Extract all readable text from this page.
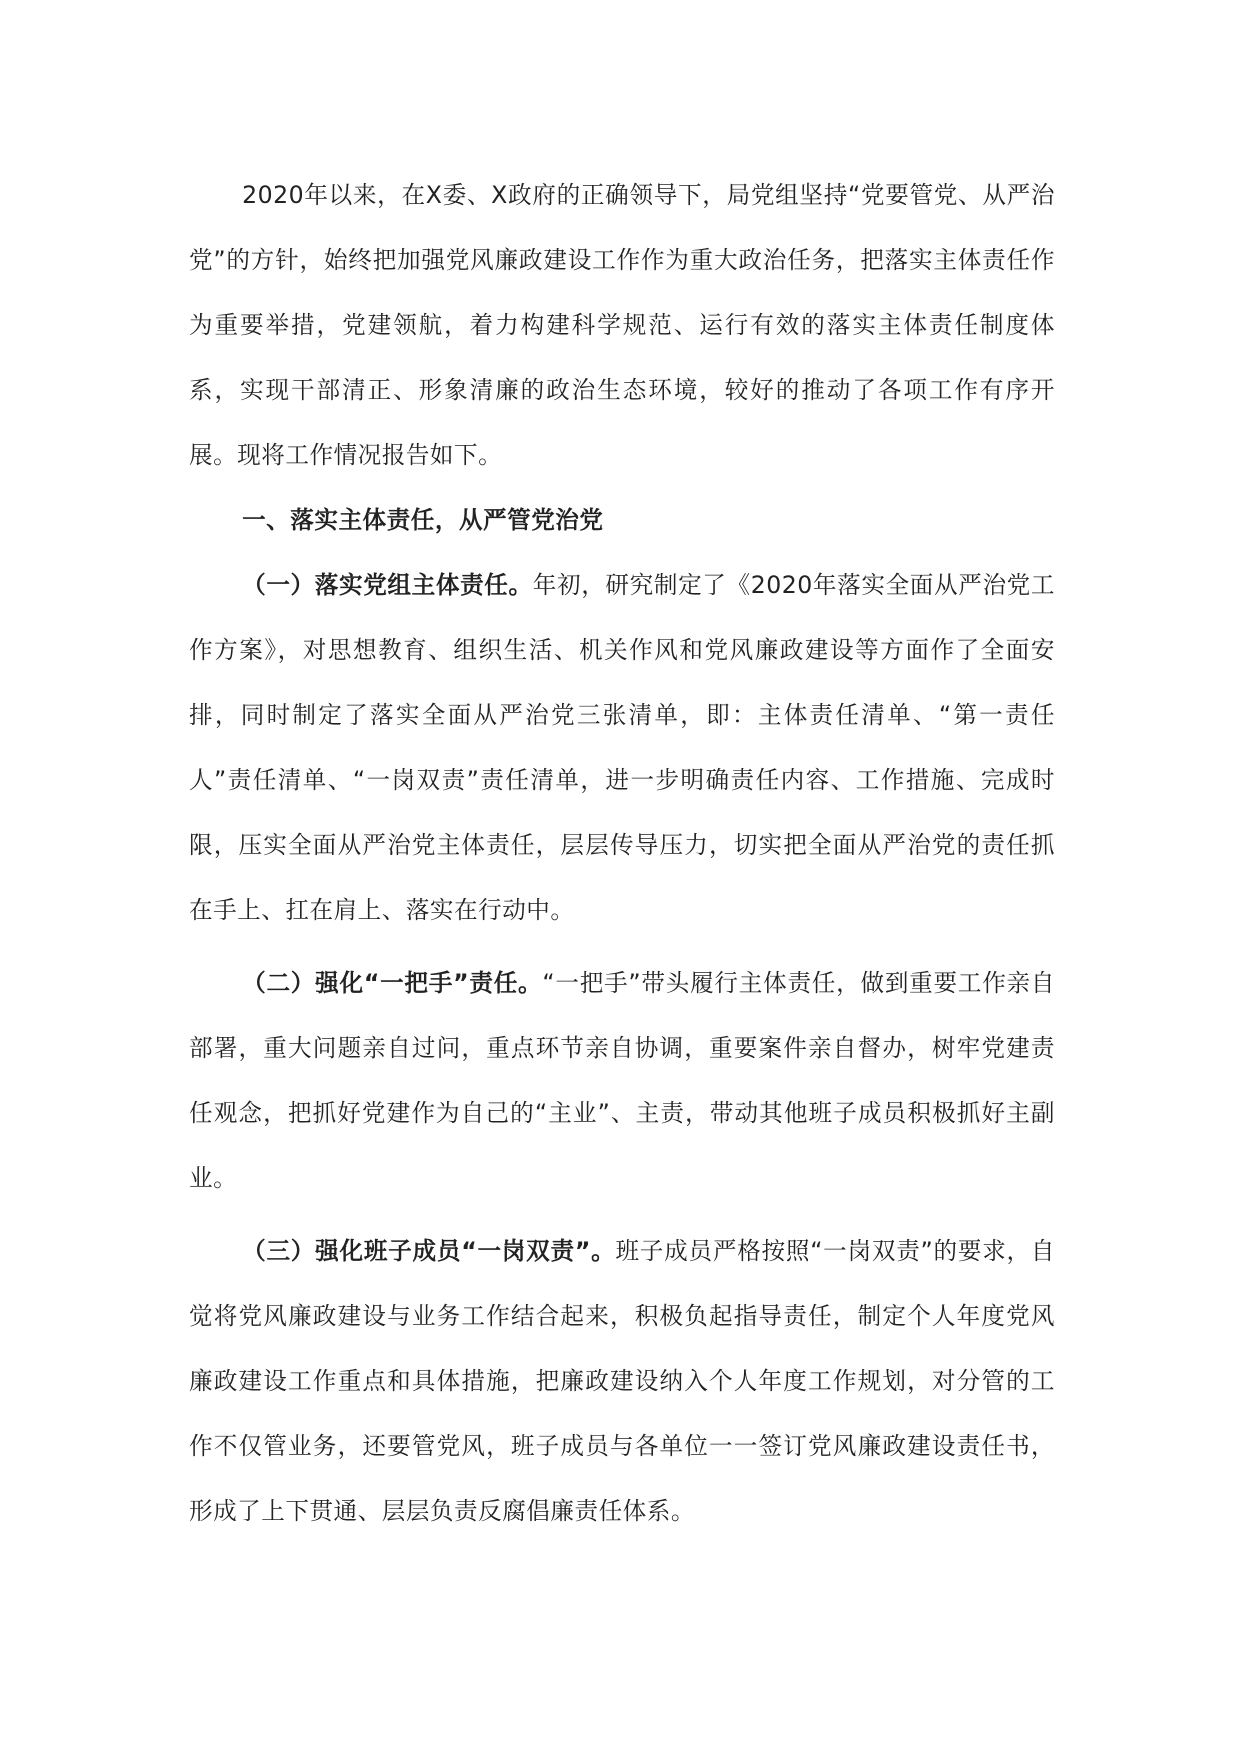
2020年以来，在X委、X政府的正确领导下，局党组坚持“党要管党、从严治党”的方针，始终把加强党风廉政建设工作作为重大政治任务，把落实主体责任作为重要举措，党建领航，着力构建科学规范、运行有效的落实主体责任制度体系，实现干部清正、形象清廉的政治生态环境，较好的推动了各项工作有序开展。现将工作情况报告如下。

一、落实主体责任，从严管党治党

（一）落实党组主体责任。年初，研究制定了《2020年落实全面从严治党工作方案》，对思想教育、组织生活、机关作风和党风廉政建设等方面作了全面安排，同时制定了落实全面从严治党三张清单，即：主体责任清单、“第一责任人”责任清单、“一岗双责”责任清单，进一步明确责任内容、工作措施、完成时限，压实全面从严治党主体责任，层层传导压力，切实把全面从严治党的责任抓在手上、扛在肩上、落实在行动中。

（二）强化“一把手”责任。“一把手”带头履行主体责任，做到重要工作亲自部署，重大问题亲自过问，重点环节亲自协调，重要案件亲自督办，树牢党建责任观念，把抓好党建作为自己的“主业”、主责，带动其他班子成员积极抓好主副业。

（三）强化班子成员“一岗双责”。班子成员严格按照“一岗双责”的要求，自觉将党风廉政建设与业务工作结合起来，积极负起指导责任，制定个人年度党风廉政建设工作重点和具体措施，把廉政建设纳入个人年度工作规划，对分管的工作不仅管业务，还要管党风，班子成员与各单位一一签订党风廉政建设责任书，形成了上下贯通、层层负责反腐倡廉责任体系。
